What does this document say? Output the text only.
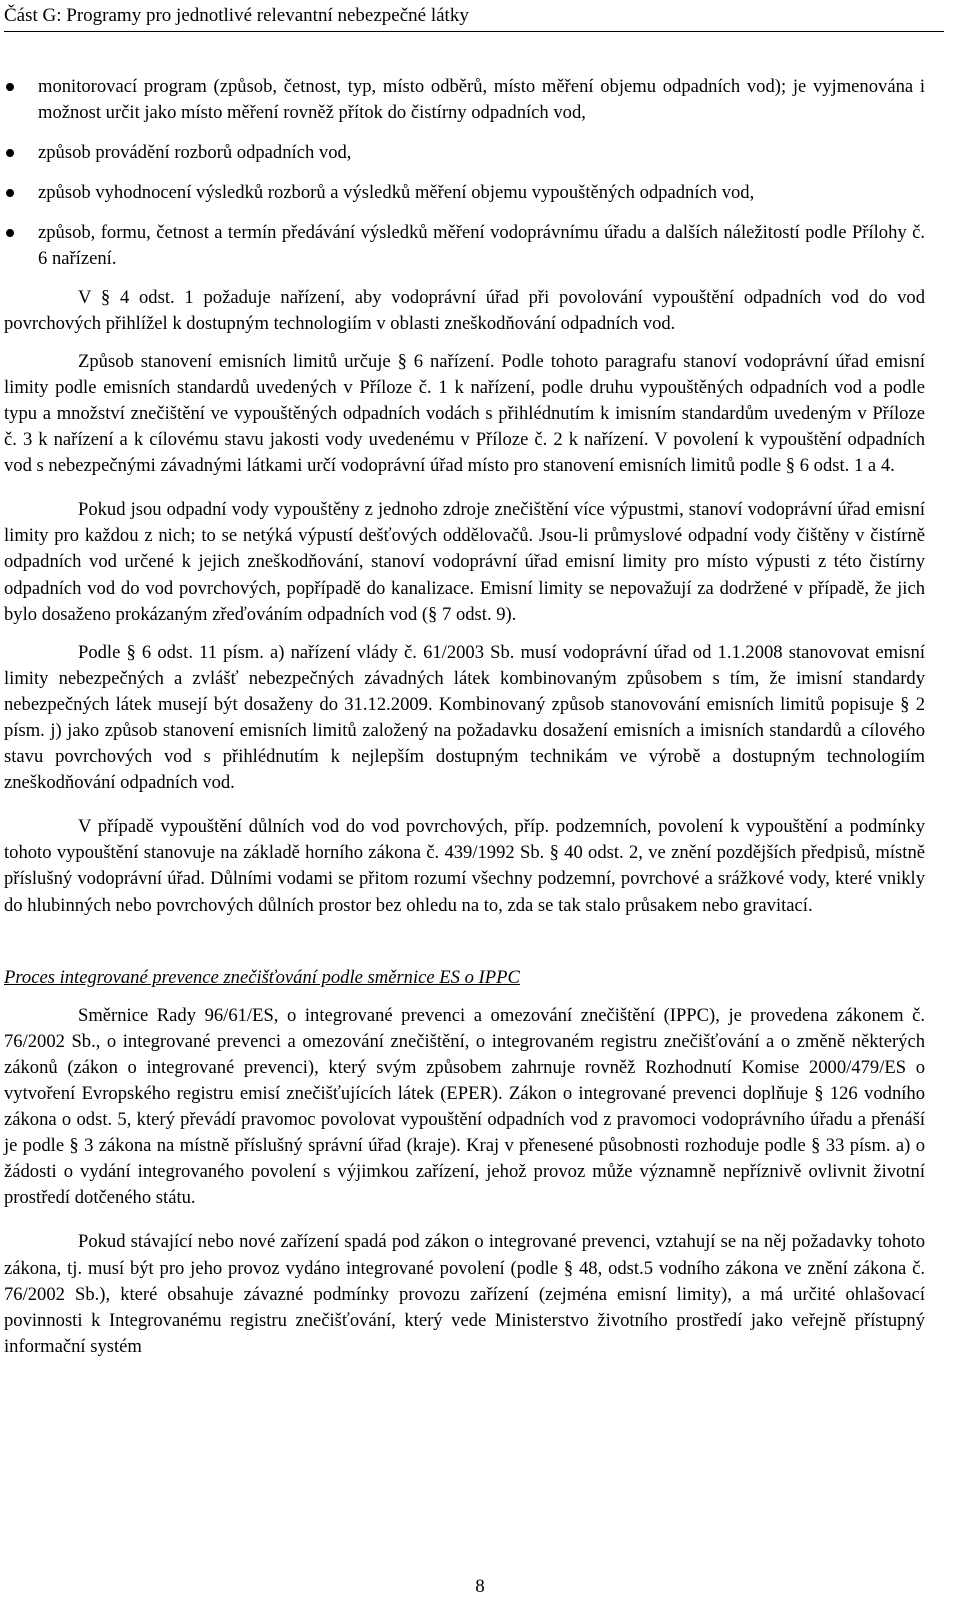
Část G: Programy pro jednotlivé relevantní nebezpečné látky
monitorovací program (způsob, četnost, typ, místo odběrů, místo měření objemu odpadních vod); je vyjmenována i možnost určit jako místo měření rovněž přítok do čistírny odpadních vod,
způsob provádění rozborů odpadních vod,
způsob vyhodnocení výsledků rozborů a výsledků měření objemu vypouštěných odpadních vod,
způsob, formu, četnost a termín předávání výsledků měření vodoprávnímu úřadu a dalších náležitostí podle Přílohy č. 6 nařízení.

V § 4 odst. 1 požaduje nařízení, aby vodoprávní úřad při povolování vypouštění odpadních vod do vod povrchových přihlížel k dostupným technologiím v oblasti zneškodňování odpadních vod.

Způsob stanovení emisních limitů určuje § 6 nařízení. Podle tohoto paragrafu stanoví vodoprávní úřad emisní limity podle emisních standardů uvedených v Příloze č. 1 k nařízení, podle druhu vypouštěných odpadních vod a podle typu a množství znečištění ve vypouštěných odpadních vodách s přihlédnutím k imisním standardům uvedeným v Příloze č. 3 k nařízení a k cílovému stavu jakosti vody uvedenému v Příloze č. 2 k nařízení. V povolení k vypouštění odpadních vod s nebezpečnými závadnými látkami určí vodoprávní úřad místo pro stanovení emisních limitů podle § 6 odst. 1 a 4.

Pokud jsou odpadní vody vypouštěny z jednoho zdroje znečištění více výpustmi, stanoví vodoprávní úřad emisní limity pro každou z nich; to se netýká výpustí dešťových oddělovačů. Jsou-li průmyslové odpadní vody čištěny v čistírně odpadních vod určené k jejich zneškodňování, stanoví vodoprávní úřad emisní limity pro místo výpusti z této čistírny odpadních vod do vod povrchových, popřípadě do kanalizace. Emisní limity se nepovažují za dodržené v případě, že jich bylo dosaženo prokázaným zřeďováním odpadních vod (§ 7 odst. 9).

Podle § 6 odst. 11 písm. a) nařízení vlády č. 61/2003 Sb. musí vodoprávní úřad od 1.1.2008 stanovovat emisní limity nebezpečných a zvlášť nebezpečných závadných látek kombinovaným způsobem s tím, že imisní standardy nebezpečných látek musejí být dosaženy do 31.12.2009. Kombinovaný způsob stanovování emisních limitů popisuje § 2 písm. j) jako způsob stanovení emisních limitů založený na požadavku dosažení emisních a imisních standardů a cílového stavu povrchových vod s přihlédnutím k nejlepším dostupným technikám ve výrobě a dostupným technologiím zneškodňování odpadních vod.

V případě vypouštění důlních vod do vod povrchových, příp. podzemních, povolení k vypouštění a podmínky tohoto vypouštění stanovuje na základě horního zákona č. 439/1992 Sb. § 40 odst. 2, ve znění pozdějších předpisů, místně příslušný vodoprávní úřad. Důlními vodami se přitom rozumí všechny podzemní, povrchové a srážkové vody, které vnikly do hlubinných nebo povrchových důlních prostor bez ohledu na to, zda se tak stalo průsakem nebo gravitací.

Proces integrované prevence znečišťování podle směrnice ES o IPPC

Směrnice Rady 96/61/ES, o integrované prevenci a omezování znečištění (IPPC), je provedena zákonem č. 76/2002 Sb., o integrované prevenci a omezování znečištění, o integrovaném registru znečišťování a o změně některých zákonů (zákon o integrované prevenci), který svým způsobem zahrnuje rovněž Rozhodnutí Komise 2000/479/ES o vytvoření Evropského registru emisí znečišťujících látek (EPER). Zákon o integrované prevenci doplňuje § 126 vodního zákona o odst. 5, který převádí pravomoc povolovat vypouštění odpadních vod z pravomoci vodoprávního úřadu a přenáší je podle § 3 zákona na místně příslušný správní úřad (kraje). Kraj v přenesené působnosti rozhoduje podle § 33 písm. a) o žádosti o vydání integrovaného povolení s výjimkou zařízení, jehož provoz může významně nepříznivě ovlivnit životní prostředí dotčeného státu.

Pokud stávající nebo nové zařízení spadá pod zákon o integrované prevenci, vztahují se na něj požadavky tohoto zákona, tj. musí být pro jeho provoz vydáno integrované povolení (podle § 48, odst.5 vodního zákona ve znění zákona č. 76/2002 Sb.), které obsahuje závazné podmínky provozu zařízení (zejména emisní limity), a má určité ohlašovací povinnosti k Integrovanému registru znečišťování, který vede Ministerstvo životního prostředí jako veřejně přístupný informační systém

8
